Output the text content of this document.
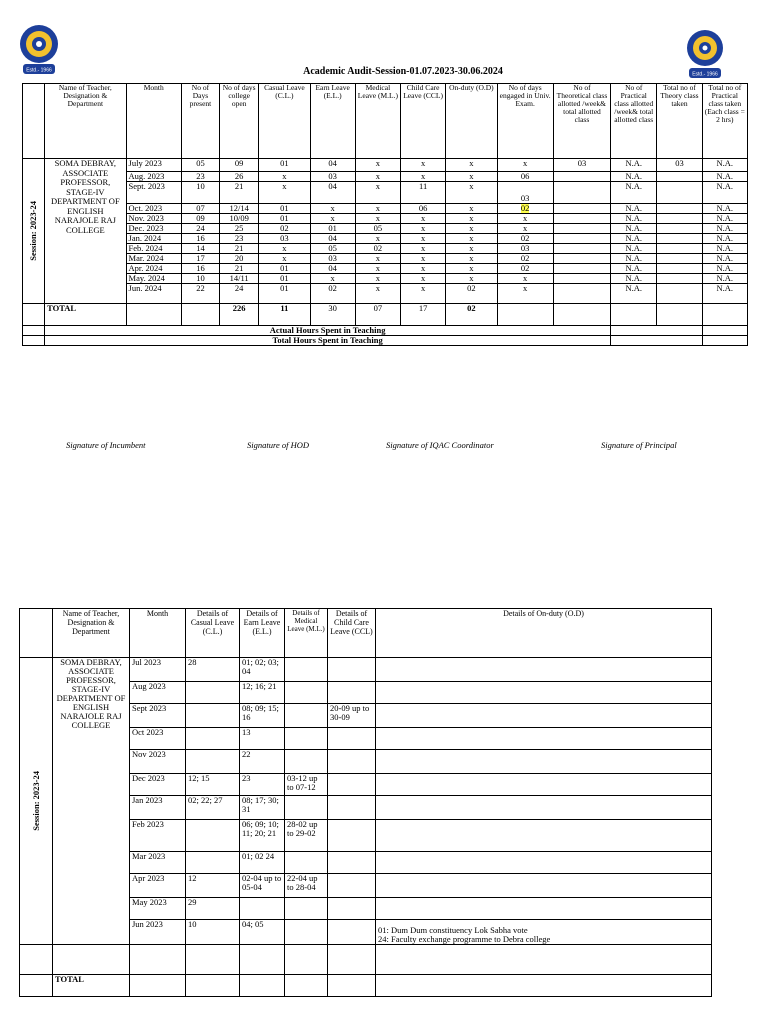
Estd.- 1966
Estd.- 1966
Academic Audit-Session-01.07.2023-30.06.2024
	Name of Teacher, Designation & Department	Month	No of Days present	No of days college open	Casual Leave (C.L.)	Earn Leave (E.L.)	Medical Leave (M.L.)	Child Care Leave (CCL)	On-duty (O.D)	No of days engaged in Univ. Exam.	No of Theoretical class allotted /week& total allotted class	No of Practical class allotted /week& total allotted class	Total no of Theory class taken	Total no of Practical class taken (Each class = 2 hrs)

Session: 2023-24	SOMA DEBRAY, ASSOCIATE PROFESSOR, STAGE-IV DEPARTMENT OF ENGLISH NARAJOLE RAJ COLLEGE	July 2023	05	09	01	04	x	x	x	x	03	N.A.	03	N.A.
		Aug. 2023	23	26	x	03	x	x	x	06		N.A.		N.A.
		Sept. 2023	10	21	x	04	x	11	x	03		N.A.		N.A.
		Oct. 2023	07	12/14	01	x	x	06	x	02		N.A.		N.A.
		Nov. 2023	09	10/09	01	x	x	x	x	x		N.A.		N.A.
		Dec. 2023	24	25	02	01	05	x	x	x		N.A.		N.A.
		Jan. 2024	16	23	03	04	x	x	x	02		N.A.		N.A.
		Feb. 2024	14	21	x	05	02	x	x	03		N.A.		N.A.
		Mar. 2024	17	20	x	03	x	x	x	02		N.A.		N.A.
		Apr. 2024	16	21	01	04	x	x	x	02		N.A.		N.A.
		May. 2024	10	14/11	01	x	x	x	x	x		N.A.		N.A.
		Jun. 2024	22	24	01	02	x	x	02	x		N.A.		N.A.
	TOTAL			226	11	30	07	17	02					
	Actual Hours Spent in Teaching													
	Total Hours Spent in Teaching													
Signature of Incumbent	Signature of HOD	Signature of IQAC Coordinator	Signature of Principal
	Name of Teacher, Designation & Department	Month	Details of Casual Leave (C.L.)	Details of Earn Leave (E.L.)	Details of Medical Leave (M.L.)	Details of Child Care Leave (CCL)	Details of On-duty (O.D)

Session: 2023-24	SOMA DEBRAY, ASSOCIATE PROFESSOR, STAGE-IV DEPARTMENT OF ENGLISH NARAJOLE RAJ COLLEGE	Jul 2023	28	01; 02; 03; 04			
		Aug 2023		12; 16; 21			
		Sept 2023		08; 09; 15; 16		20-09 up to 30-09	
		Oct 2023		13			
		Nov 2023		22			
		Dec 2023	12; 15	23	03-12 up to 07-12		
		Jan 2023	02; 22; 27	08; 17; 30; 31			
		Feb 2023		06; 09; 10; 11; 20; 21	28-02 up to 29-02		
		Mar 2023		01; 02 24			
		Apr 2023	12	02-04 up to 05-04	22-04 up to 28-04		
		May 2023	29				
		Jun 2023	10	04; 05			01: Dum Dum constituency Lok Sabha vote
24: Faculty exchange programme to Debra college

	TOTAL						
